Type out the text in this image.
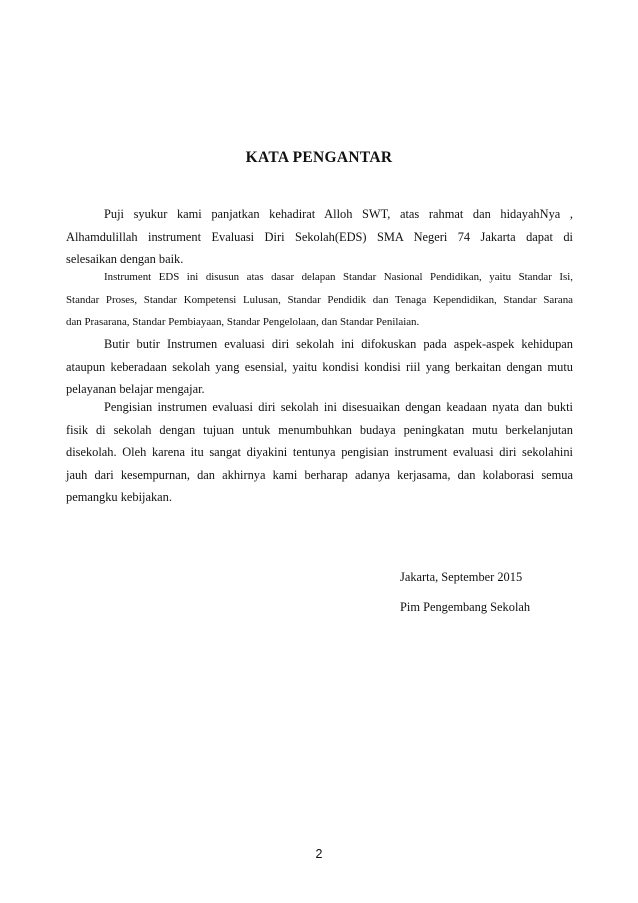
KATA PENGANTAR
Puji syukur kami panjatkan kehadirat Alloh SWT, atas rahmat dan hidayahNya ,
Alhamdulillah instrument Evaluasi Diri Sekolah(EDS) SMA Negeri 74 Jakarta dapat di
selesaikan dengan baik.
Instrument EDS ini disusun atas dasar delapan Standar Nasional Pendidikan, yaitu Standar Isi,
Standar Proses, Standar Kompetensi Lulusan, Standar Pendidik dan Tenaga Kependidikan, Standar Sarana
dan Prasarana, Standar Pembiayaan, Standar Pengelolaan, dan Standar Penilaian.
Butir butir Instrumen evaluasi diri sekolah ini difokuskan pada aspek-aspek kehidupan
ataupun keberadaan sekolah yang esensial, yaitu kondisi kondisi riil yang berkaitan dengan mutu
pelayanan belajar mengajar.
Pengisian instrumen evaluasi diri sekolah ini disesuaikan dengan keadaan nyata dan bukti
fisik di sekolah dengan tujuan untuk menumbuhkan budaya peningkatan mutu berkelanjutan
disekolah. Oleh karena itu sangat diyakini tentunya pengisian instrument evaluasi diri sekolahini
jauh dari kesempurnan, dan akhirnya kami berharap adanya kerjasama, dan kolaborasi semua
pemangku kebijakan.
Jakarta, September 2015
Pim Pengembang Sekolah
2
